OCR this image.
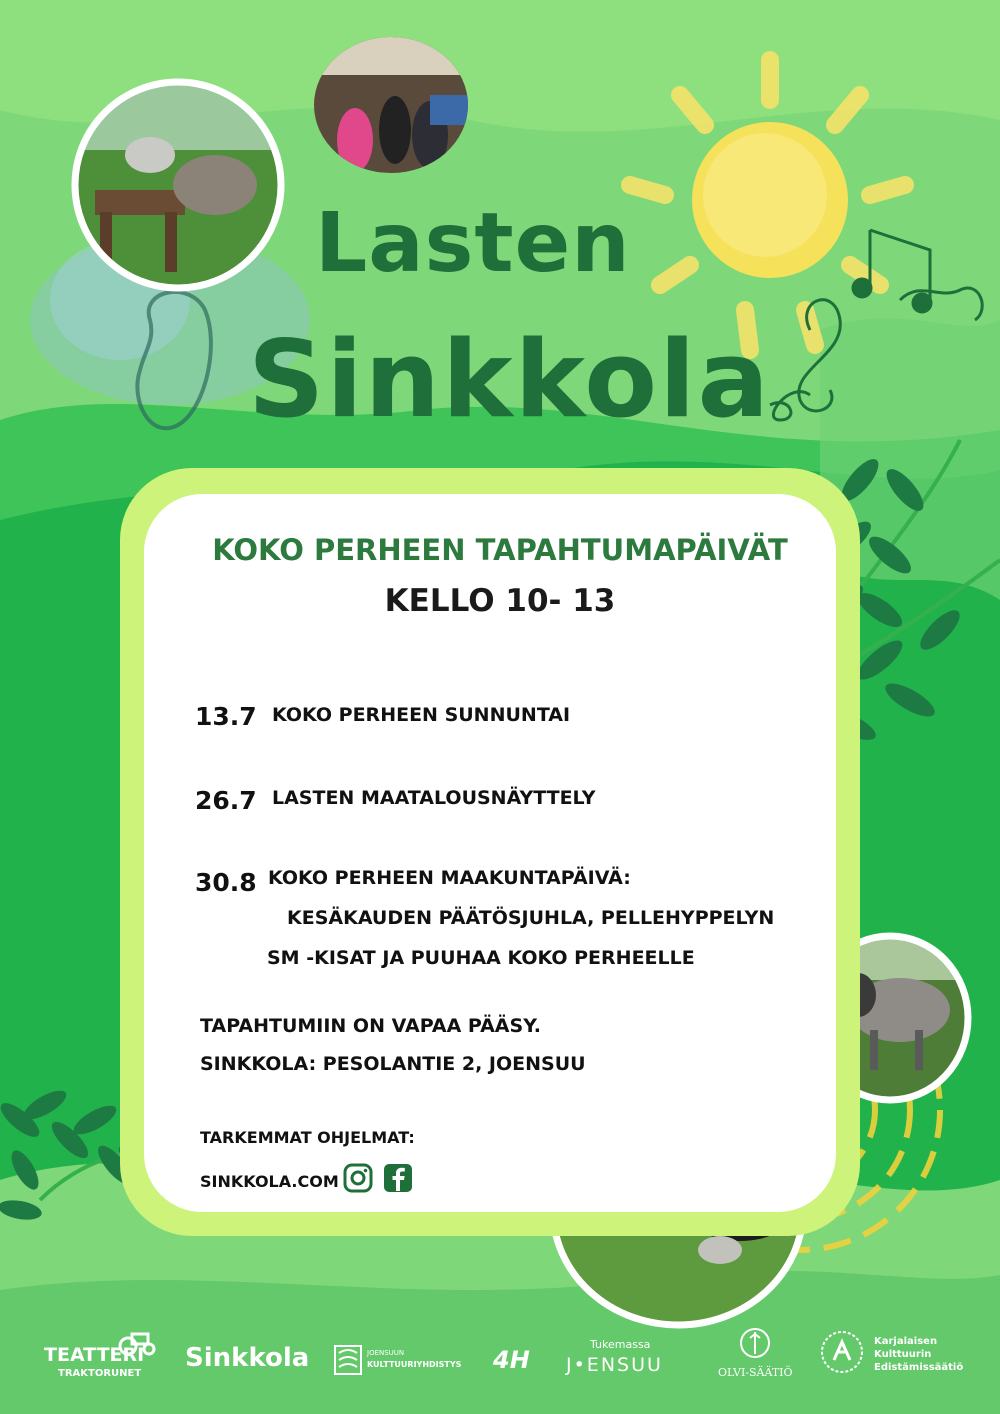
Lasten
Sinkkola
KOKO PERHEEN TAPAHTUMAPÄIVÄT
KELLO 10- 13
13.7 KOKO PERHEEN SUNNUNTAI
26.7 LASTEN MAATALOUSNÄYTTELY
30.8 KOKO PERHEEN MAAKUNTAPÄIVÄ:
KESÄKAUDEN PÄÄTÖSJUHLA, PELLEHYPPELYN
SM -KISAT JA PUUHAA KOKO PERHEELLE
TAPAHTUMIIN ON VAPAA PÄÄSY.
SINKKOLA: PESOLANTIE 2, JOENSUU
TARKEMMAT OHJELMAT:
SINKKOLA.COM
TEATTERI
TRAKTORUNET
Sinkkola	JOENSUUN
KULTTUURIYHDISTYS 4H
Tukemassa
J•ENSUU	OLVI-SÄÄTIÖ
Karjalaisen
Kulttuurin
Edistämissäätiö
